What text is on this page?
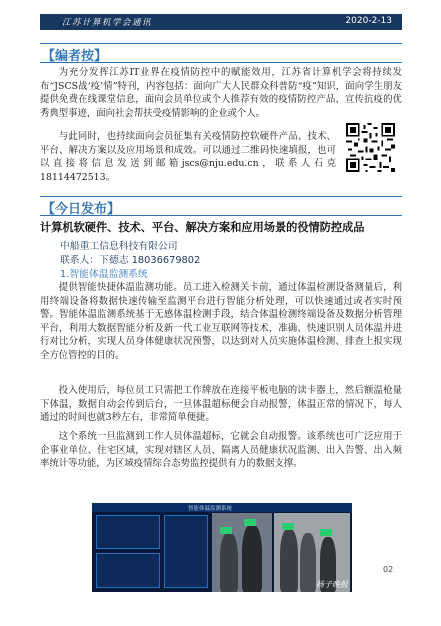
江苏计算机学会通讯	2020-2-13
【编者按】

为充分发挥江苏IT业界在疫情防控中的赋能效用，江苏省计算机学会将持续发布“JSCS战‘疫’情”特刊，内容包括：面向广大人民群众科普防“疫”知识，面向学生朋友提供免费在线课堂信息，面向会员单位或个人推荐有效的疫情防控产品、宣传抗疫的优秀典型事迹，面向社会帮扶受疫情影响的企业或个人。

与此同时，也持续面向会员征集有关疫情防控软硬件产品、技术、平台、解决方案以及应用场景和成效。可以通过二维码快速填报，也可以直接将信息发送到邮箱jscs@nju.edu.cn，联系人石克18114472513。

【今日发布】
计算机软硬件、技术、平台、解决方案和应用场景的役情防控成品
中船重工信息科技有限公司
联系人：下德志 18036679802
1.智能体温监测系统

提供智能快捷体温监测功能。员工进入检测关卡前，通过体温检测设备测量后，利用终端设备将数据快速传输至监测平台进行智能分析处理，可以快速通过或者实时预警。智能体温监测系统基于无感体温检测手段，结合体温检测终端设备及数据分析管理平台，利用大数据智能分析及新一代工业互联网等技术，准确、快速识别人员体温并进行对比分析，实现人员身体健康状况预警，以达到对人员实施体温检测、排查上报实现全方位管控的目的。

投入使用后，每位员工只需把工作牌放在连接平板电脑的读卡器上，然后额温枪量下体温，数据自动会传到后台，一旦体温超标便会自动报警，体温正常的情况下，每人通过的时间也就3秒左右，非常简单便捷。

这个系统一旦监测到工作人员体温超标，它就会自动报警。该系统也可广泛应用于企事业单位、住宅区域，实现对辖区人员、隔离人员健康状况监测、出入告警、出入频率统计等功能，为区域疫情综合态势监控提供有力的数据支撑。

智能体温监测系统
扬子晚报
02
